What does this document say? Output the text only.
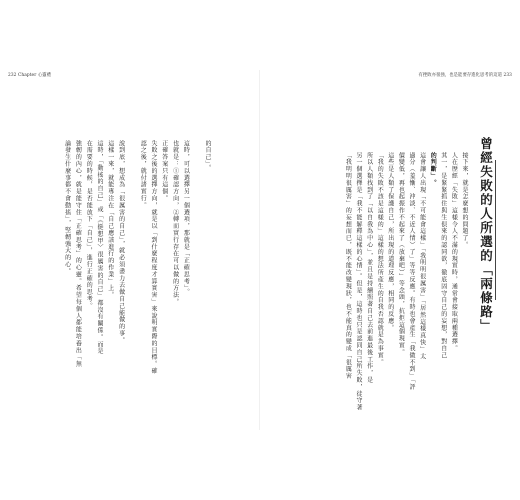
232 Chapter 心靈禮
的自己」。
這時，可以選擇另一個選項，那就是「正確思考」。
也就是：①確認方向，②轉而實行存在可以做的方法。
正確答案只有這個。
失敗之後的選擇方向，就是以「到什麼程度才算實害」來說明實際的目標。確
認之後，就付諸實行。
說到底，想成為「很厲害的自己」，就必須盡力去做自己能做的事。
這樣一來，就能專注在「自己應該進行的作業」上。
這時，「動搖的自己」或「《挺想甲〉很厲害的自己」都沒有關係。而是
在需要的時候，是否能放下「自己」，進行正確的思考。
強韌的內心，就是能守住「正確思考」的心靈。希望每個人都能培養出「無
論發生什麼事都不會動搖」，堅韌強大的心。
有挫敗亦很強，也是能要存進化思考的這道 233
曾經失敗的人所選的「兩條路」
接下來，就是怎麼想的問題了。
人在歷經「失敗」這樣令人不滿的現實時，通常會接取兩種選擇。
其一，是緊緊抓住與生俱來的認同欲，徹底固守自己的妄想，對自己
的判斷」。
這會讓人出現「不可能會這樣」「我明明很厲害」「居然這樣真快」太
過分（羞慚、沖淡、不近人情）了」等等反應。有時也會產生「我做不到」「評
價變低，再也起振作不起來了（放棄吧）」等念頭，抗拒這個現實。
這些是人類了保護自己，所出現的道理反應，相同的反應。
「我的失敗不該是這樣的」這樣的想法所產生的自我否認就是為事實。
所以人類找到了「以自我為中心」，並且是持續照著自己去前進最後工作，是
另一個選擇是「我不能解釋這樣的心情」。但是，這時也只是認同自己所失敗，徒守著
「我明明很厲害」的妄想而已，既不能改變現狀，也不能真的變成「很厲害
